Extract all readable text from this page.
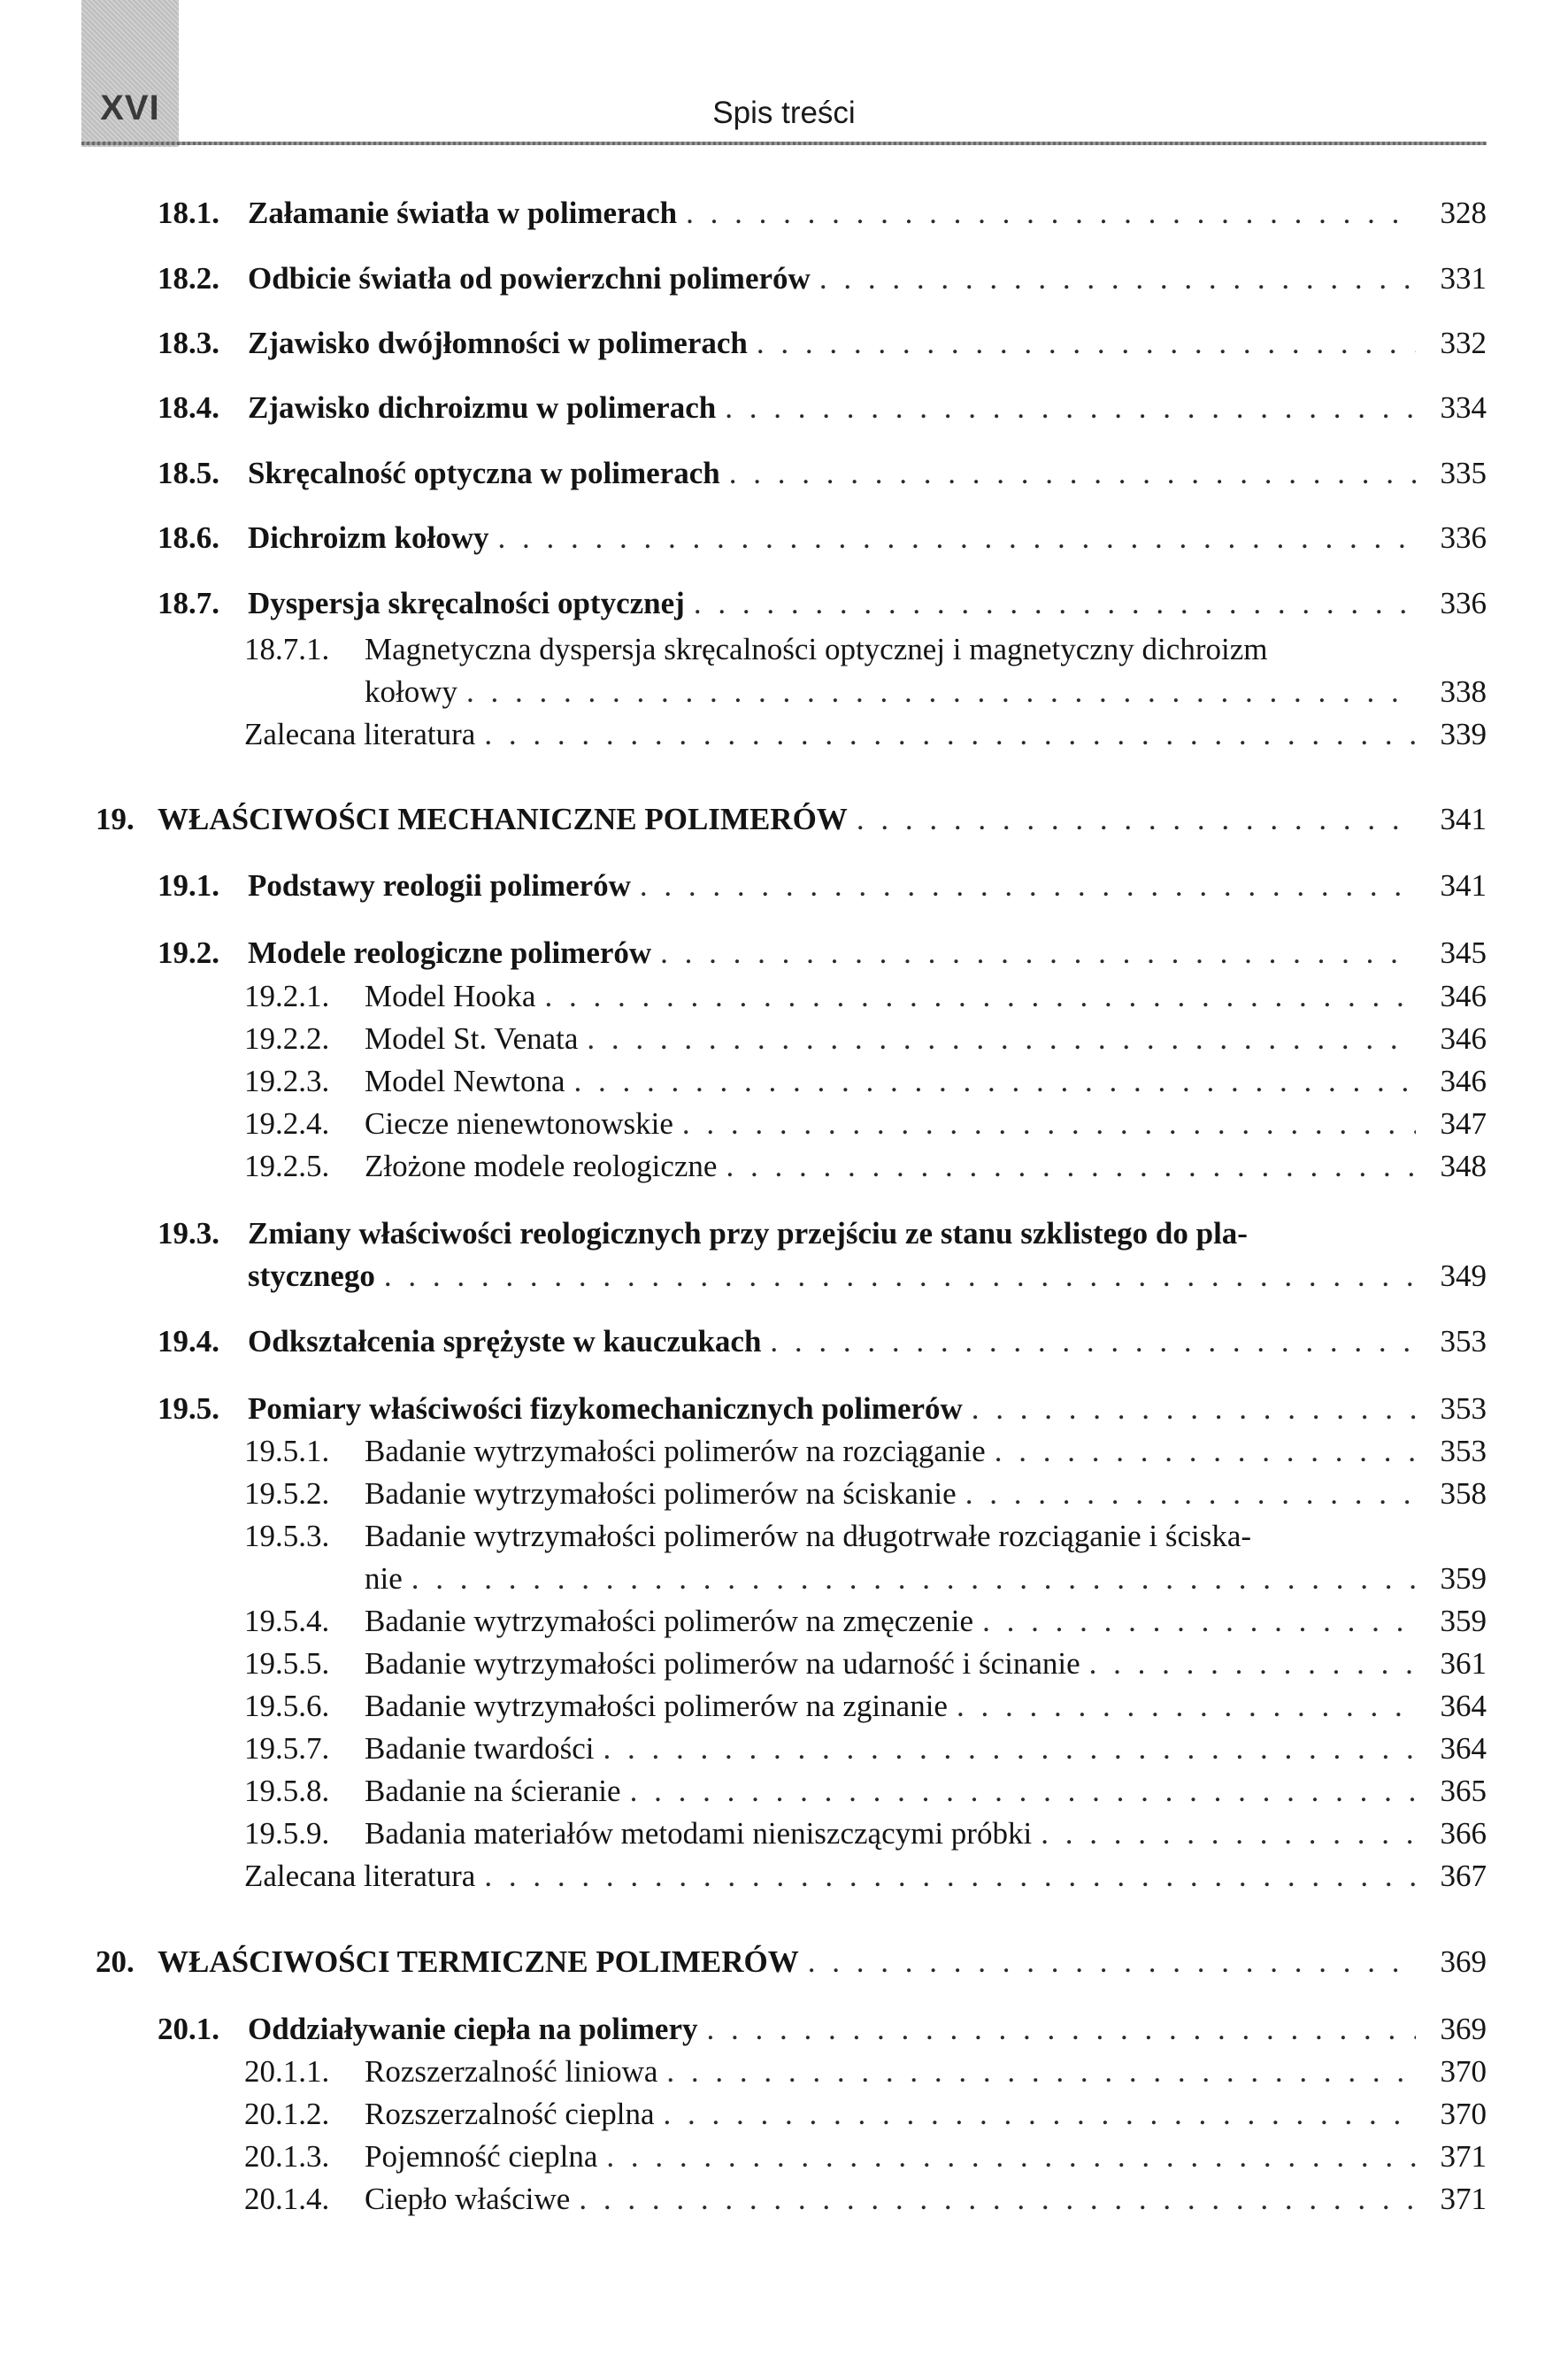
XVI	Spis treści
18.1. Załamanie światła w polimerach . . .	328
18.2. Odbicie światła od powierzchni polimerów . . .	331
18.3. Zjawisko dwójłomności w polimerach . . .	332
18.4. Zjawisko dichroizmu w polimerach . . .	334
18.5. Skręcalność optyczna w polimerach . . .	335
18.6. Dichroizm kołowy . . .	336
18.7. Dyspersja skręcalności optycznej . . .	336
18.7.1. Magnetyczna dyspersja skręcalności optycznej i magnetyczny dichroizm
kołowy . . .	338
Zalecana literatura . . .	339
19. WŁAŚCIWOŚCI MECHANICZNE POLIMERÓW . . .	341
19.1. Podstawy reologii polimerów . . .	341
19.2. Modele reologiczne polimerów . . .	345
19.2.1. Model Hooka . . .	346
19.2.2. Model St. Venata . . .	346
19.2.3. Model Newtona . . .	346
19.2.4. Ciecze nienewtonowskie . . .	347
19.2.5. Złożone modele reologiczne . . .	348
19.3. Zmiany właściwości reologicznych przy przejściu ze stanu szklistego do pla-
stycznego . . .	349
19.4. Odkształcenia sprężyste w kauczukach . . .	353
19.5. Pomiary właściwości fizykomechanicznych polimerów . . .	353
19.5.1. Badanie wytrzymałości polimerów na rozciąganie . . .	353
19.5.2. Badanie wytrzymałości polimerów na ściskanie . . .	358
19.5.3. Badanie wytrzymałości polimerów na długotrwałe rozciąganie i ściska-
nie . . .	359
19.5.4. Badanie wytrzymałości polimerów na zmęczenie . . .	359
19.5.5. Badanie wytrzymałości polimerów na udarność i ścinanie . . .	361
19.5.6. Badanie wytrzymałości polimerów na zginanie . . .	364
19.5.7. Badanie twardości . . .	364
19.5.8. Badanie na ścieranie . . .	365
19.5.9. Badania materiałów metodami nieniszczącymi próbki . . .	366
Zalecana literatura . . .	367
20. WŁAŚCIWOŚCI TERMICZNE POLIMERÓW . . .	369
20.1. Oddziaływanie ciepła na polimery . . .	369
20.1.1. Rozszerzalność liniowa . . .	370
20.1.2. Rozszerzalność cieplna . . .	370
20.1.3. Pojemność cieplna . . .	371
20.1.4. Ciepło właściwe . . .	371
